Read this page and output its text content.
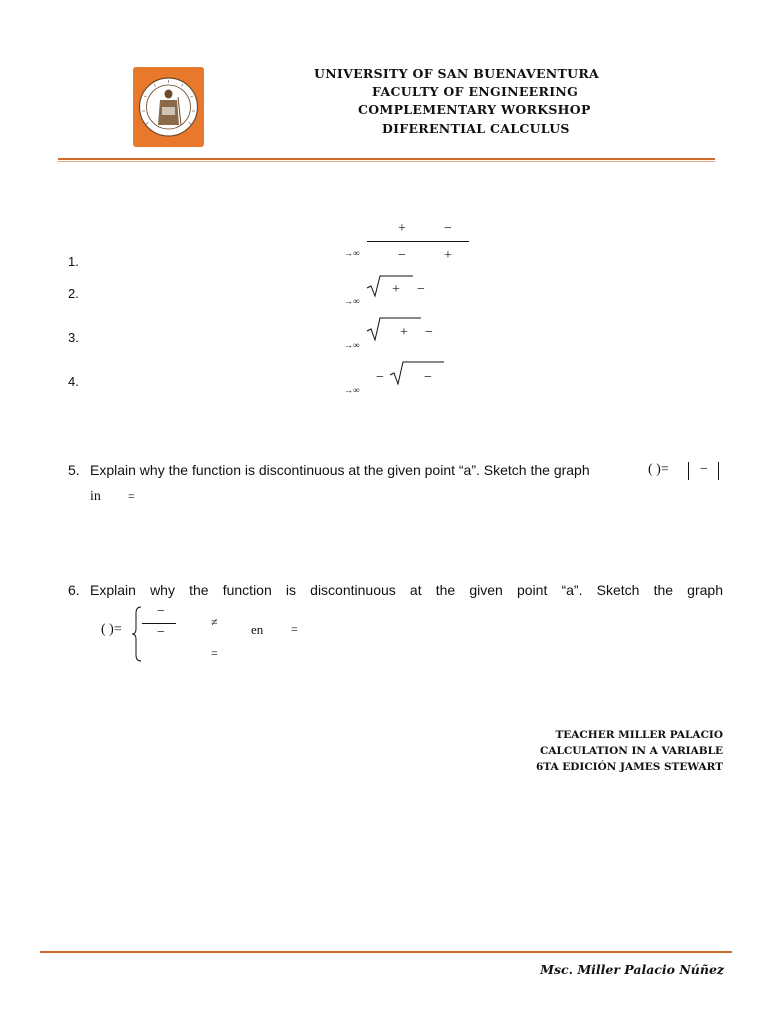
UNIVERSITY OF SAN BUENAVENTURA
FACULTY OF ENGINEERING
COMPLEMENTARY WORKSHOP
DIFERENTIAL CALCULUS
1.
+	−
−	+
→∞
2.	+ −
→∞
3.	+ −
→∞
4.	−	−
→∞
5. Explain why the function is discontinuous at the given point “a”. Sketch the graph	( )= −
in =
6. Explain why the function is discontinuous at the given point “a”. Sketch the graph
( )=
−
−
≠	en =
=
TEACHER MILLER PALACIO
CALCULATION IN A VARIABLE
6TA EDICIÓN JAMES STEWART
Msc. Miller Palacio Núñez
